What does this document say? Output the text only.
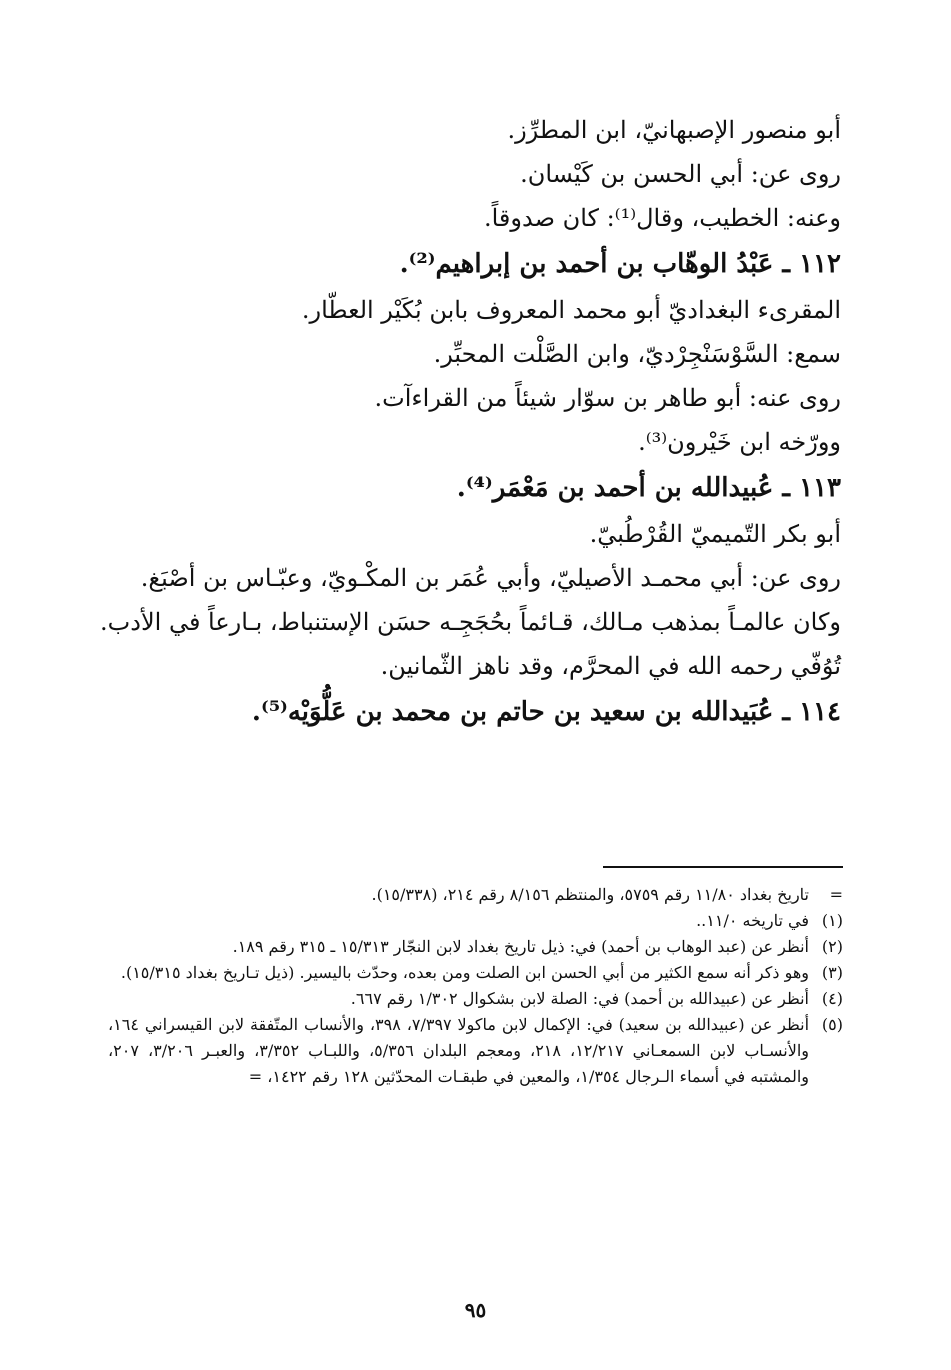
أبو منصور الإصبهانيّ، ابن المطرِّز.
روى عن: أبي الحسن بن كَيْسان.
وعنه: الخطيب، وقال⁽¹⁾: كان صدوقاً.
١١٢ ـ عَبْدُ الوهّاب بن أحمد بن إبراهيم⁽²⁾.
المقرىء البغداديّ أبو محمد المعروف بابن بُكَيْر العطّار.
سمع: السَّوْسَنْجِرْديّ، وابن الصَّلْت المحبِّر.
روى عنه: أبو طاهر بن سوّار شيئاً من القراءآت.
وورّخه ابن خَيْرون⁽³⁾.
١١٣ ـ عُبيدالله بن أحمد بن مَعْمَر⁽⁴⁾.
أبو بكر التّميميّ القُرْطُبيّ.
روى عن: أبي محمـد الأصيليّ، وأبي عُمَر بن المكْـويّ، وعبّـاس بن أصْبَغ.
وكان عالمـاً بمذهب مـالك، قـائماً بحُجَجِـه حسَن الإستنباط، بـارعاً في الأدب.
تُوُفّي رحمه الله في المحرَّم، وقد ناهز الثّمانين.
١١٤ ـ عُبَيدالله بن سعيد بن حاتم بن محمد بن عَلُّوَيْه⁽⁵⁾.
=
تاريخ بغداد ١١/٨٠ رقم ٥٧٥٩، والمنتظم ٨/١٥٦ رقم ٢١٤، (١٥/٣٣٨).
(١)
في تاريخه ١١/٠..
(٢)
أنظر عن (عبد الوهاب بن أحمد) في: ذيل تاريخ بغداد لابن النجّار ١٥/٣١٣ ـ ٣١٥ رقم ١٨٩.
(٣)
وهو ذكر أنه سمع الكثير من أبي الحسن ابن الصلت ومن بعده، وحدّث باليسير. (ذيل تـاريخ بغداد ١٥/٣١٥).
(٤)
أنظر عن (عبيدالله بن أحمد) في: الصلة لابن بشكوال ١/٣٠٢ رقم ٦٦٧.
(٥)
أنظر عن (عبيدالله بن سعيد) في: الإكمال لابن ماكولا ٧/٣٩٧، ٣٩٨، والأنساب المتّفقة لابن القيسراني ١٦٤، والأنسـاب لابن السمعـاني ١٢/٢١٧، ٢١٨، ومعجم البلدان ٥/٣٥٦، واللبـاب ٣/٣٥٢، والعبـر ٣/٢٠٦، ٢٠٧، والمشتبه في أسماء الـرجال ١/٣٥٤، والمعين في طبقـات المحدّثين ١٢٨ رقم ١٤٢٢، =
٩٥
